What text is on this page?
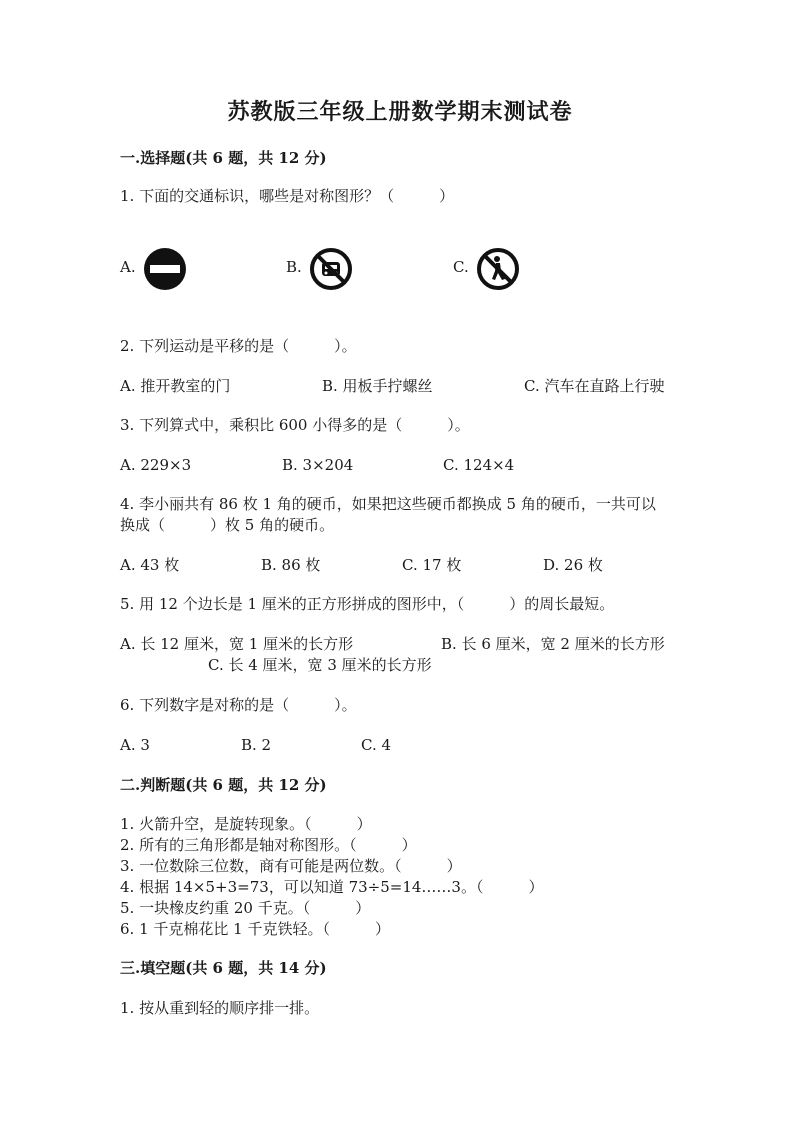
苏教版三年级上册数学期末测试卷
一.选择题(共 6 题，共 12 分)
1. 下面的交通标识，哪些是对称图形？（　　　）
A.	B.	C.
2. 下列运动是平移的是（　　　）。
A. 推开教室的门	B. 用板手拧螺丝	C. 汽车在直路上行驶
3. 下列算式中，乘积比 600 小得多的是（　　　）。
A. 229×3	B. 3×204	C. 124×4
4. 李小丽共有 86 枚 1 角的硬币，如果把这些硬币都换成 5 角的硬币，一共可以
换成（　　　）枚 5 角的硬币。
A. 43 枚	B. 86 枚	C. 17 枚	D. 26 枚
5. 用 12 个边长是 1 厘米的正方形拼成的图形中，（　　　）的周长最短。
A. 长 12 厘米，宽 1 厘米的长方形	B. 长 6 厘米，宽 2 厘米的长方形
C. 长 4 厘米，宽 3 厘米的长方形
6. 下列数字是对称的是（　　　）。
A. 3	B. 2	C. 4
二.判断题(共 6 题，共 12 分)
1. 火箭升空，是旋转现象。（　　　）
2. 所有的三角形都是轴对称图形。（　　　）
3. 一位数除三位数，商有可能是两位数。（　　　）
4. 根据 14×5+3=73，可以知道 73÷5=14……3。（　　　）
5. 一块橡皮约重 20 千克。（　　　）
6. 1 千克棉花比 1 千克铁轻。（　　　）
三.填空题(共 6 题，共 14 分)
1. 按从重到轻的顺序排一排。
